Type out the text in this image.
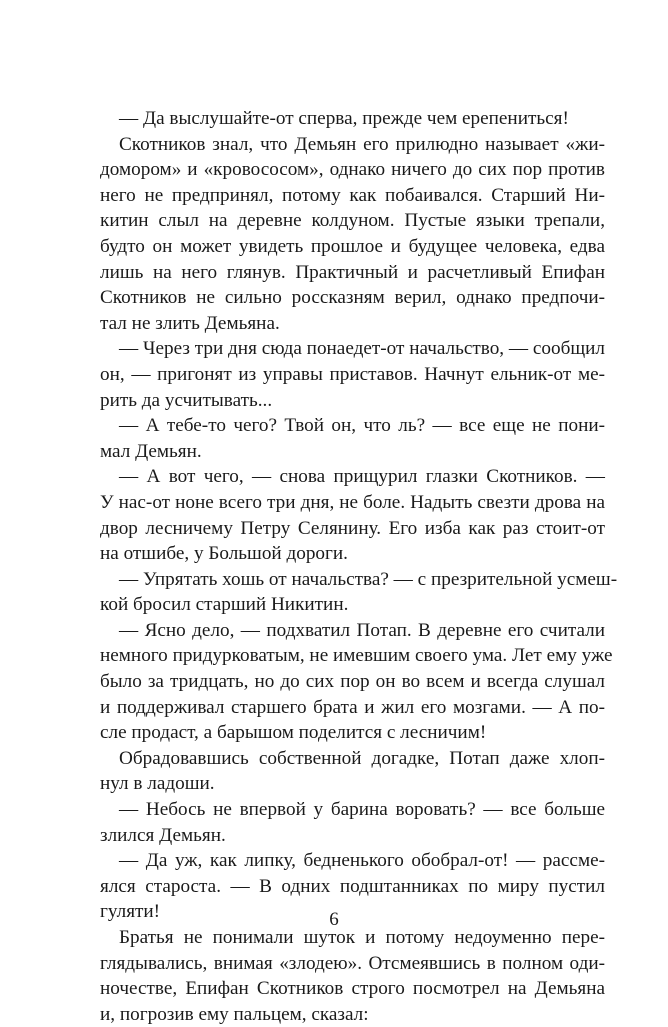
— Да выслушайте-от сперва, прежде чем ерепениться!
Скотников знал, что Демьян его прилюдно называет «жи-
домором» и «кровососом», однако ничего до сих пор против
него не предпринял, потому как побаивался. Старший Ни-
китин слыл на деревне колдуном. Пустые языки трепали,
будто он может увидеть прошлое и будущее человека, едва
лишь на него глянув. Практичный и расчетливый Епифан
Скотников не сильно россказням верил, однако предпочи-
тал не злить Демьяна.
— Через три дня сюда понаедет-от начальство, — сообщил
он, — пригонят из управы приставов. Начнут ельник-от ме-
рить да усчитывать...
— А тебе-то чего? Твой он, что ль? — все еще не пони-
мал Демьян.
— А вот чего, — снова прищурил глазки Скотников. —
У нас-от ноне всего три дня, не боле. Надыть свезти дрова на
двор лесничему Петру Селянину. Его изба как раз стоит-от
на отшибе, у Большой дороги.
— Упрятать хошь от начальства? — с презрительной усмеш-
кой бросил старший Никитин.
— Ясно дело, — подхватил Потап. В деревне его считали
немного придурковатым, не имевшим своего ума. Лет ему уже
было за тридцать, но до сих пор он во всем и всегда слушал
и поддерживал старшего брата и жил его мозгами. — А по-
сле продаст, а барышом поделится с лесничим!
Обрадовавшись собственной догадке, Потап даже хлоп-
нул в ладоши.
— Небось не впервой у барина воровать? — все больше
злился Демьян.
— Да уж, как липку, бедненького обобрал-от! — рассме-
ялся староста. — В одних подштанниках по миру пустил
гуляти!
Братья не понимали шуток и потому недоуменно пере-
глядывались, внимая «злодею». Отсмеявшись в полном оди-
ночестве, Епифан Скотников строго посмотрел на Демьяна
и, погрозив ему пальцем, сказал:
6
